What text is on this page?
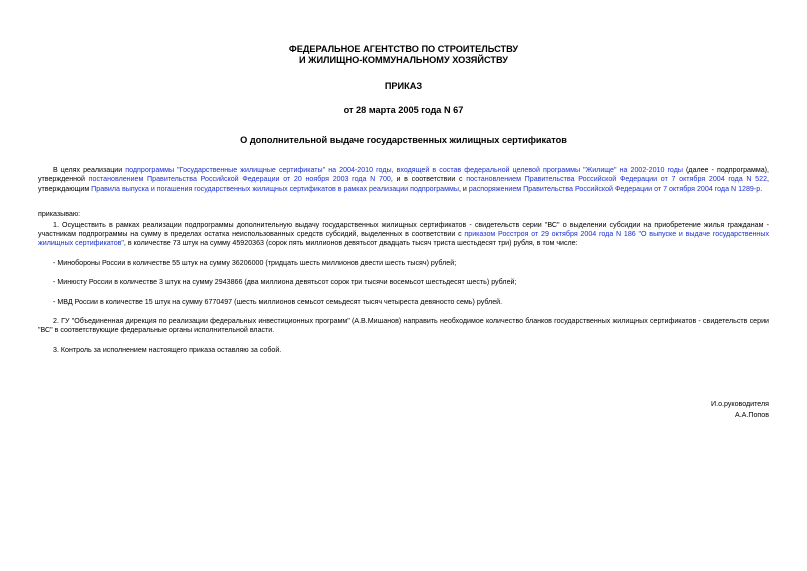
ФЕДЕРАЛЬНОЕ АГЕНТСТВО ПО СТРОИТЕЛЬСТВУ
И ЖИЛИЩНО-КОММУНАЛЬНОМУ ХОЗЯЙСТВУ
ПРИКАЗ
от 28 марта 2005 года N 67
О дополнительной выдаче государственных жилищных сертификатов

В целях реализации подпрограммы "Государственные жилищные сертификаты" на 2004-2010 годы, входящей в состав федеральной целевой программы "Жилище" на 2002-2010 годы (далее - подпрограмма), утвержденной постановлением Правительства Российской Федерации от 20 ноября 2003 года N 700, и в соответствии с постановлением Правительства Российской Федерации от 7 октября 2004 года N 522, утверждающим Правила выпуска и погашения государственных жилищных сертификатов в рамках реализации подпрограммы, и распоряжением Правительства Российской Федерации от 7 октября 2004 года N 1289-р.

приказываю:

1. Осуществить в рамках реализации подпрограммы дополнительную выдачу государственных жилищных сертификатов - свидетельств серии "ВС" о выделении субсидии на приобретение жилья гражданам - участникам подпрограммы на сумму в пределах остатка неиспользованных средств субсидий, выделенных в соответствии с приказом Росстроя от 29 октября 2004 года N 186 "О выпуске и выдаче государственных жилищных сертификатов", в количестве 73 штук на сумму 45920363 (сорок пять миллионов девятьсот двадцать тысяч триста шестьдесят три) рубля, в том числе:

- Минобороны России в количестве 55 штук на сумму 36206000 (тридцать шесть миллионов двести шесть тысяч) рублей;

- Минюсту России в количестве 3 штук на сумму 2943866 (два миллиона девятьсот сорок три тысячи восемьсот шестьдесят шесть) рублей;

- МВД России в количестве 15 штук на сумму 6770497 (шесть миллионов семьсот семьдесят тысяч четыреста девяносто семь) рублей.

2. ГУ "Объединенная дирекция по реализации федеральных инвестиционных программ" (А.В.Мишанов) направить необходимое количество бланков государственных жилищных сертификатов - свидетельств серии "ВС" в соответствующие федеральные органы исполнительной власти.

3. Контроль за исполнением настоящего приказа оставляю за собой.

И.о.руководителя
А.А.Попов
